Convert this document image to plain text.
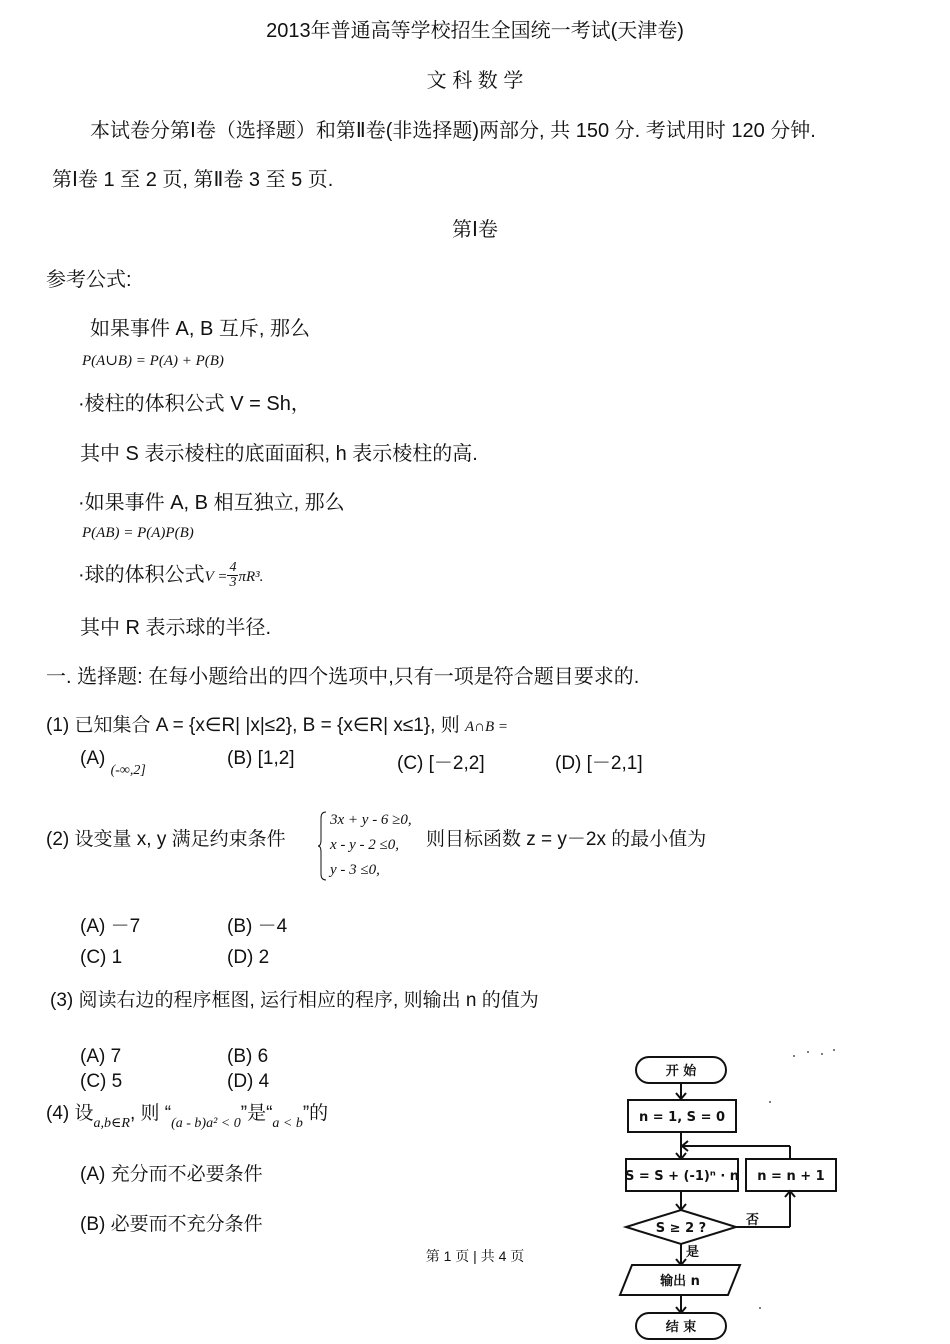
2013年普通高等学校招生全国统一考试(天津卷)
文 科 数 学
本试卷分第Ⅰ卷（选择题）和第Ⅱ卷(非选择题)两部分, 共 150 分. 考试用时 120 分钟.
第Ⅰ卷 1 至 2 页, 第Ⅱ卷 3 至 5 页.
第Ⅰ卷
参考公式:
如果事件 A, B 互斥, 那么
P(A∪B) = P(A) + P(B)
·棱柱的体积公式 V = Sh，
其中 S 表示棱柱的底面面积, h 表示棱柱的高.
·如果事件 A, B 相互独立, 那么
P(AB) = P(A)P(B)
·球的体积公式$V = \frac{4}{3} \pi R^3$.
其中 R 表示球的半径.
一. 选择题: 在每小题给出的四个选项中,只有一项是符合题目要求的.
(1) 已知集合 A = {x∈R| |x|≤2}, B = {x∈R| x≤1}, 则 A∩B =
(A) $_{(-\infty,2]}$
(B) [1,2]	(C) [－2,2]	(D) [－2,1]
(2) 设变量 x, y 满足约束条件
3x + y - 6 ≥0,
x - y - 2 ≤0,
y - 3 ≤0,
则目标函数 z = y－2x 的最小值为
(A) －7	(B) －4
(C) 1	(D) 2
(3) 阅读右边的程序框图, 运行相应的程序, 则输出 n 的值为
(A) 7	(B) 6
(C) 5	(D) 4
(4) 设$_{a,b\in R}$, 则 “$_{(a - b)a^2 < 0}$”是“$_{a < b}$”的
(A) 充分而不必要条件
(B) 必要而不充分条件
第 1 页 | 共 4 页
开 始
n = 1, S = 0
S = S + (-1)ⁿ · n n = n + 1
S ≥ 2 ?
否
是
输出 n
结 束
